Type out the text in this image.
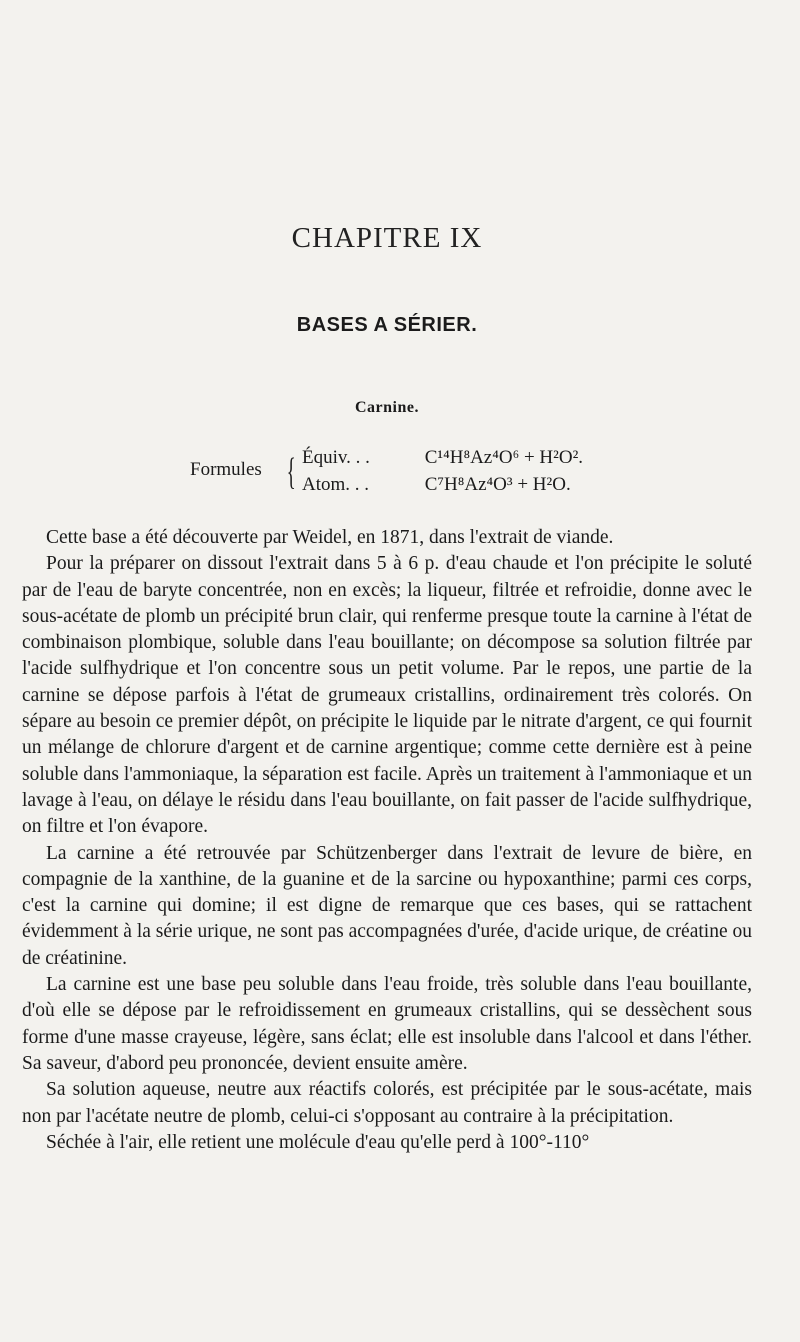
CHAPITRE IX
BASES A SÉRIER.
Carnine.
Formules { Équiv. . .	C¹⁴H⁸Az⁴O⁶ + H²O².
Atom. . .	C⁷H⁸Az⁴O³ + H²O.

Cette base a été découverte par Weidel, en 1871, dans l'extrait de viande.

Pour la préparer on dissout l'extrait dans 5 à 6 p. d'eau chaude et l'on précipite le soluté par de l'eau de baryte concentrée, non en excès; la liqueur, filtrée et refroidie, donne avec le sous-acétate de plomb un précipité brun clair, qui renferme presque toute la carnine à l'état de combinaison plombique, soluble dans l'eau bouillante; on décompose sa solution filtrée par l'acide sulfhydrique et l'on concentre sous un petit volume. Par le repos, une partie de la carnine se dépose parfois à l'état de grumeaux cristallins, ordinairement très colorés. On sépare au besoin ce premier dépôt, on précipite le liquide par le nitrate d'argent, ce qui fournit un mélange de chlorure d'argent et de carnine argentique; comme cette dernière est à peine soluble dans l'ammoniaque, la séparation est facile. Après un traitement à l'ammoniaque et un lavage à l'eau, on délaye le résidu dans l'eau bouillante, on fait passer de l'acide sulfhydrique, on filtre et l'on évapore.

La carnine a été retrouvée par Schützenberger dans l'extrait de levure de bière, en compagnie de la xanthine, de la guanine et de la sarcine ou hypoxanthine; parmi ces corps, c'est la carnine qui domine; il est digne de remarque que ces bases, qui se rattachent évidemment à la série urique, ne sont pas accompagnées d'urée, d'acide urique, de créatine ou de créatinine.

La carnine est une base peu soluble dans l'eau froide, très soluble dans l'eau bouillante, d'où elle se dépose par le refroidissement en grumeaux cristallins, qui se dessèchent sous forme d'une masse crayeuse, légère, sans éclat; elle est insoluble dans l'alcool et dans l'éther. Sa saveur, d'abord peu prononcée, devient ensuite amère.

Sa solution aqueuse, neutre aux réactifs colorés, est précipitée par le sous-acétate, mais non par l'acétate neutre de plomb, celui-ci s'opposant au contraire à la précipitation.

Séchée à l'air, elle retient une molécule d'eau qu'elle perd à 100°-110°
